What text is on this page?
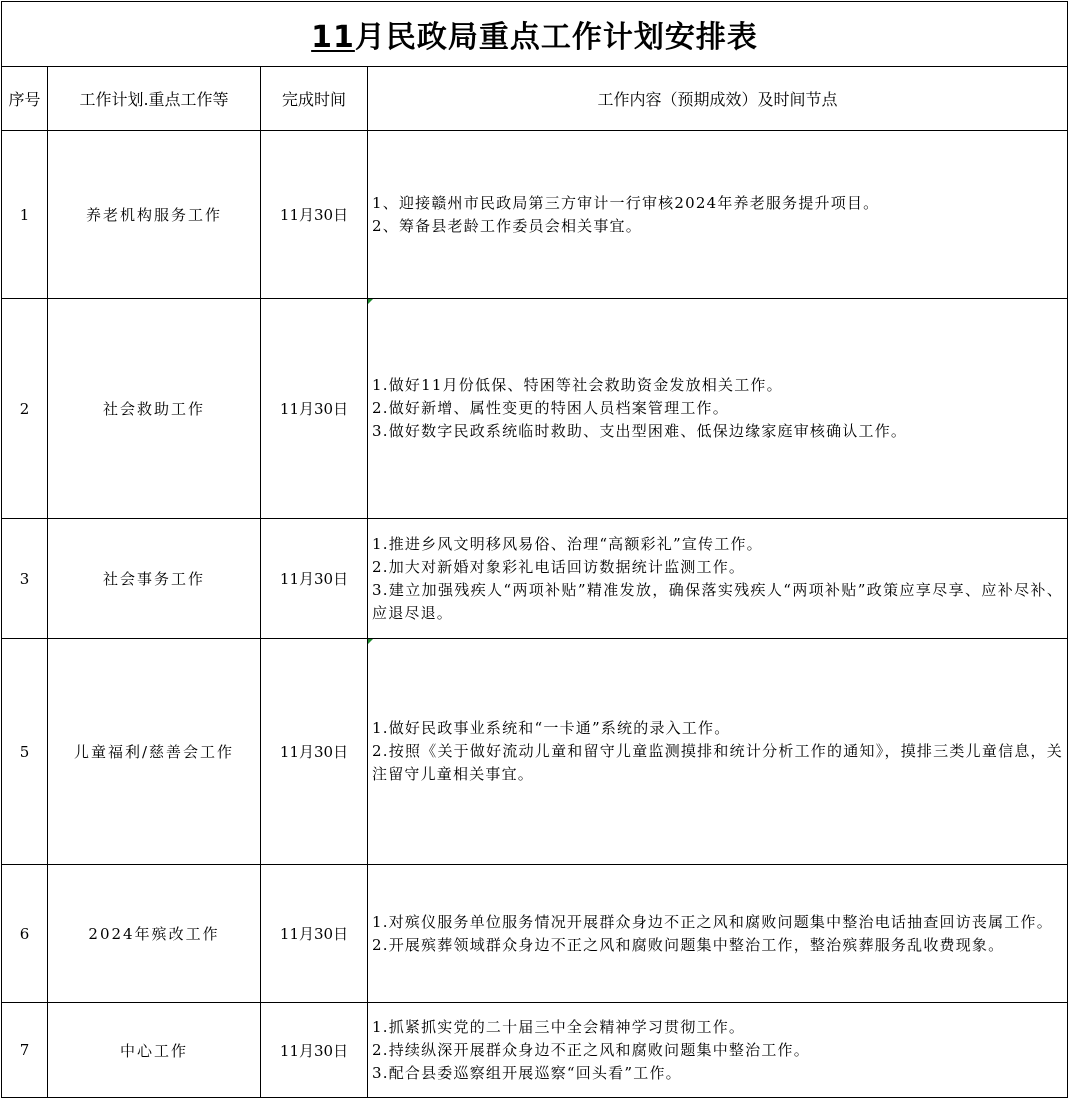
11月民政局重点工作计划安排表			
序号	工作计划.重点工作等	完成时间	工作内容（预期成效）及时间节点
1	养老机构服务工作	11月30日	1、迎接赣州市民政局第三方审计一行审核2024年养老服务提升项目。
2、筹备县老龄工作委员会相关事宜。

2	社会救助工作	11月30日	1.做好11月份低保、特困等社会救助资金发放相关工作。
2.做好新增、属性变更的特困人员档案管理工作。
3.做好数字民政系统临时救助、支出型困难、低保边缘家庭审核确认工作。

3	社会事务工作	11月30日	1.推进乡风文明移风易俗、治理“高额彩礼”宣传工作。
2.加大对新婚对象彩礼电话回访数据统计监测工作。
3.建立加强残疾人“两项补贴”精准发放，确保落实残疾人“两项补贴”政策应享尽享、应补尽补、应退尽退。

5	儿童福利/慈善会工作	11月30日	1.做好民政事业系统和“一卡通”系统的录入工作。
2.按照《关于做好流动儿童和留守儿童监测摸排和统计分析工作的通知》，摸排三类儿童信息，关注留守儿童相关事宜。

6	2024年殡改工作	11月30日	1.对殡仪服务单位服务情况开展群众身边不正之风和腐败问题集中整治电话抽查回访丧属工作。
2.开展殡葬领域群众身边不正之风和腐败问题集中整治工作，整治殡葬服务乱收费现象。

7	中心工作	11月30日	1.抓紧抓实党的二十届三中全会精神学习贯彻工作。
2.持续纵深开展群众身边不正之风和腐败问题集中整治工作。
3.配合县委巡察组开展巡察“回头看”工作。
